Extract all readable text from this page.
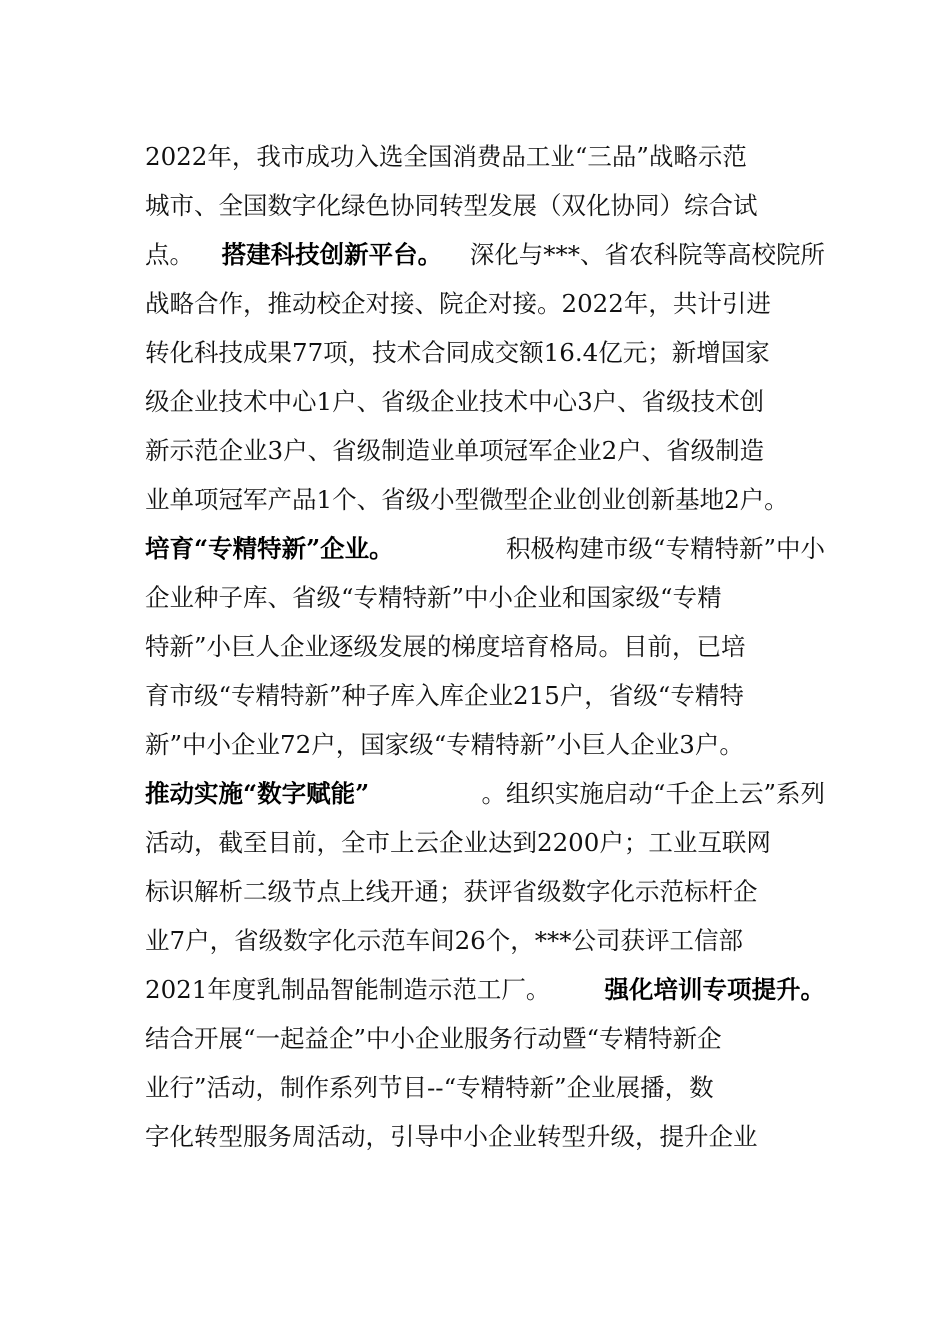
2022年，我市成功入选全国消费品工业“三品”战略示范
城市、全国数字化绿色协同转型发展（双化协同）综合试
点。 搭建科技创新平台。 深化与***、省农科院等高校院所
战略合作，推动校企对接、院企对接。2022年，共计引进
转化科技成果77项，技术合同成交额16.4亿元；新增国家
级企业技术中心1户、省级企业技术中心3户、省级技术创
新示范企业3户、省级制造业单项冠军企业2户、省级制造
业单项冠军产品1个、省级小型微型企业创业创新基地2户。
培育“专精特新”企业。	积极构建市级“专精特新”中小
企业种子库、省级“专精特新”中小企业和国家级“专精
特新”小巨人企业逐级发展的梯度培育格局。目前，已培
育市级“专精特新”种子库入库企业215户，省级“专精特
新”中小企业72户，国家级“专精特新”小巨人企业3户。
推动实施“数字赋能”	。组织实施启动“千企上云”系列
活动，截至目前，全市上云企业达到2200户；工业互联网
标识解析二级节点上线开通；获评省级数字化示范标杆企
业7户，省级数字化示范车间26个，***公司获评工信部
2021年度乳制品智能制造示范工厂。 强化培训专项提升。
结合开展“一起益企”中小企业服务行动暨“专精特新企
业行”活动，制作系列节目--“专精特新”企业展播，数
字化转型服务周活动，引导中小企业转型升级，提升企业
